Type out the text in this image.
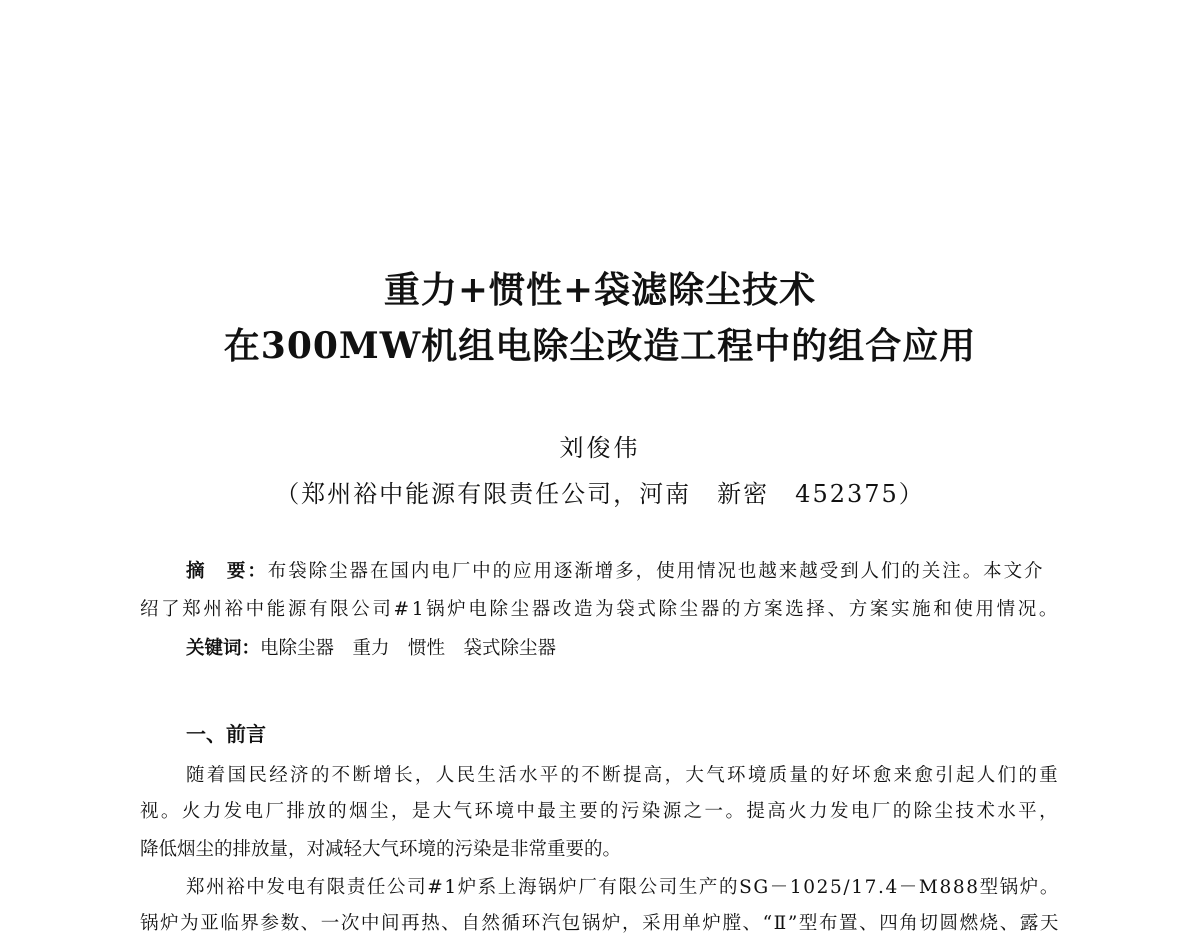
重力+惯性+袋滤除尘技术
在300MW机组电除尘改造工程中的组合应用
刘俊伟
（郑州裕中能源有限责任公司，河南　新密　452375）
摘　要：布袋除尘器在国内电厂中的应用逐渐增多，使用情况也越来越受到人们的关注。本文介
绍了郑州裕中能源有限公司#1锅炉电除尘器改造为袋式除尘器的方案选择、方案实施和使用情况。
关键词：电除尘器　重力　惯性　袋式除尘器
一、前言
随着国民经济的不断增长，人民生活水平的不断提高，大气环境质量的好坏愈来愈引起人们的重
视。火力发电厂排放的烟尘，是大气环境中最主要的污染源之一。提高火力发电厂的除尘技术水平，
降低烟尘的排放量，对减轻大气环境的污染是非常重要的。
郑州裕中发电有限责任公司#1炉系上海锅炉厂有限公司生产的SG－1025/17.4－M888型锅炉。
锅炉为亚临界参数、一次中间再热、自然循环汽包锅炉，采用单炉膛、“Ⅱ”型布置、四角切圆燃烧、露天
